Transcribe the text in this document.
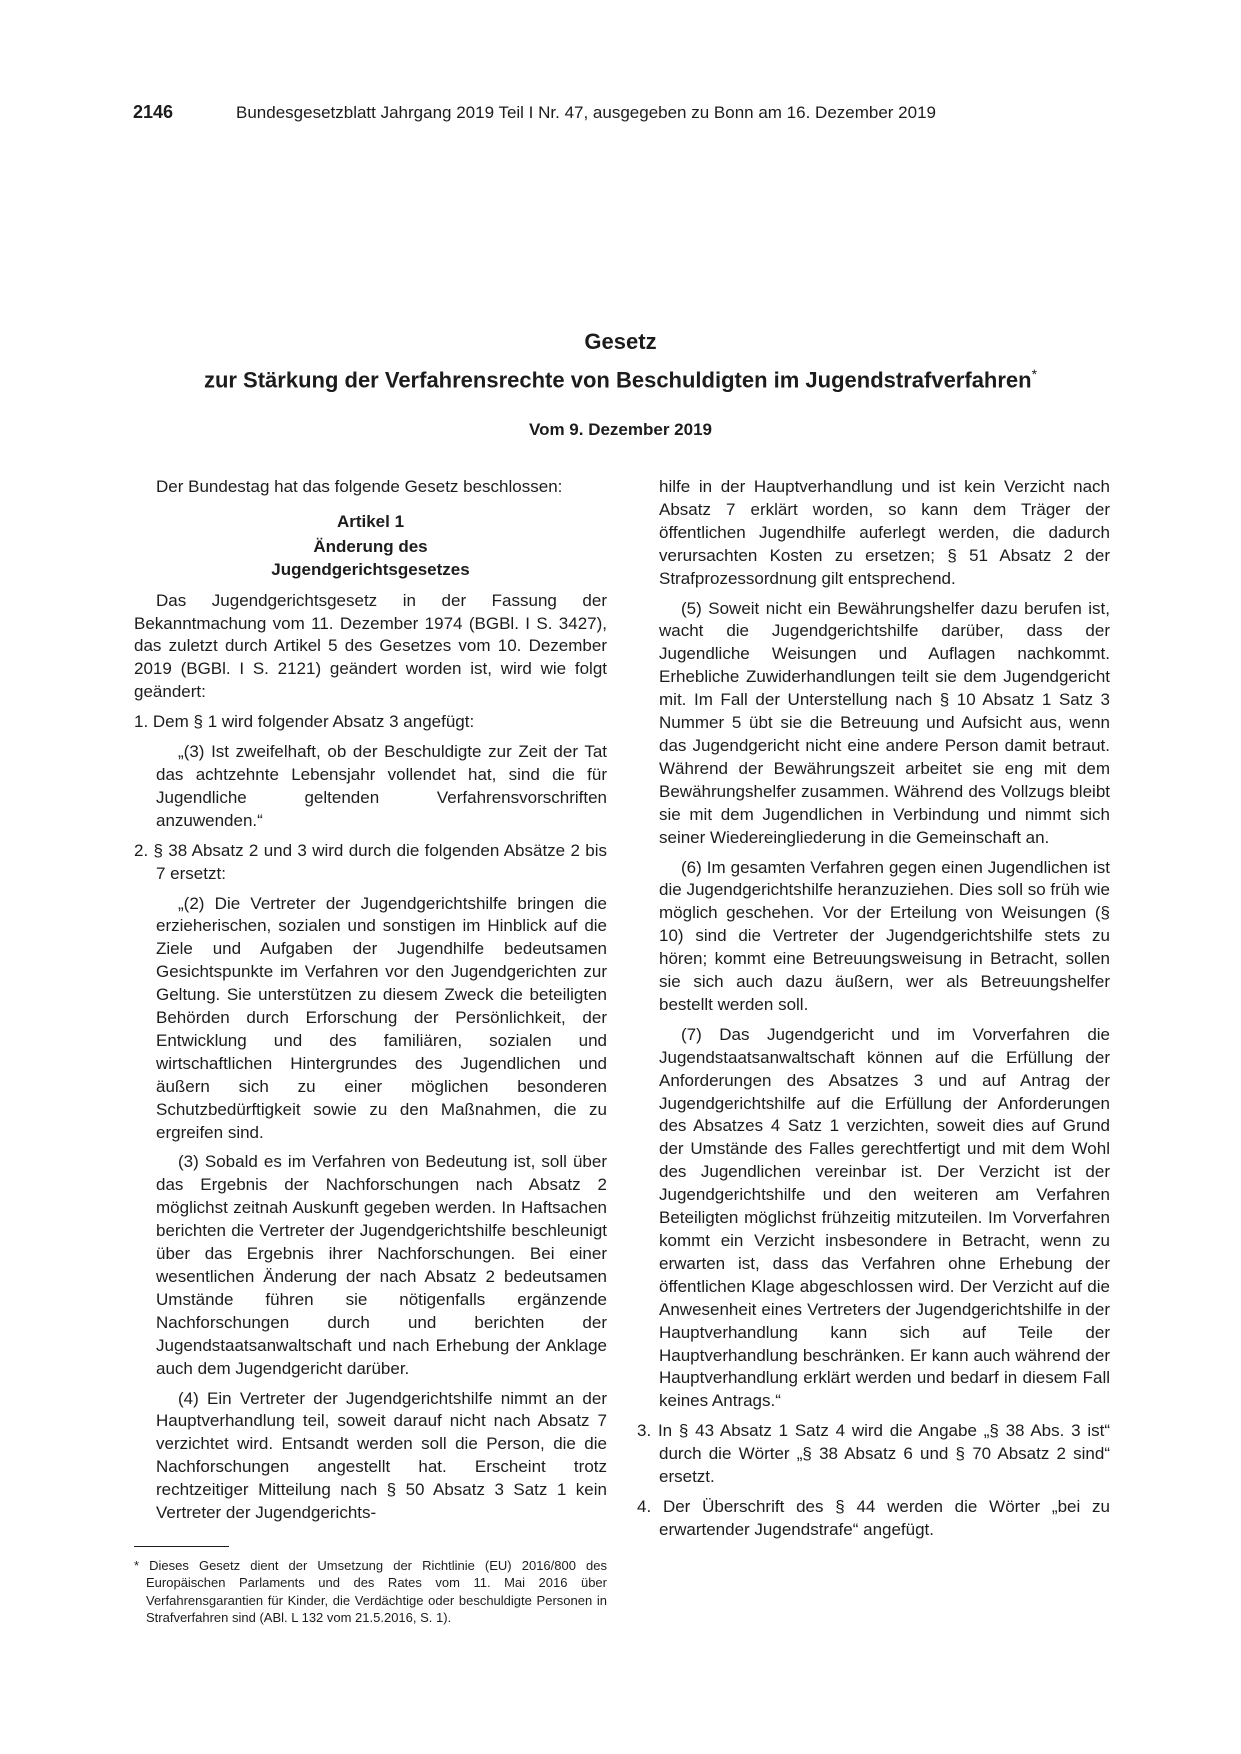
2146	Bundesgesetzblatt Jahrgang 2019 Teil I Nr. 47, ausgegeben zu Bonn am 16. Dezember 2019

Gesetz

zur Stärkung der Verfahrensrechte von Beschuldigten im Jugendstrafverfahren*

Vom 9. Dezember 2019

Der Bundestag hat das folgende Gesetz beschlossen:

Artikel 1

Änderung des Jugendgerichtsgesetzes

Das Jugendgerichtsgesetz in der Fassung der Bekanntmachung vom 11. Dezember 1974 (BGBl. I S. 3427), das zuletzt durch Artikel 5 des Gesetzes vom 10. Dezember 2019 (BGBl. I S. 2121) geändert worden ist, wird wie folgt geändert:

1. Dem § 1 wird folgender Absatz 3 angefügt:

„(3) Ist zweifelhaft, ob der Beschuldigte zur Zeit der Tat das achtzehnte Lebensjahr vollendet hat, sind die für Jugendliche geltenden Verfahrensvorschriften anzuwenden.“

2. § 38 Absatz 2 und 3 wird durch die folgenden Absätze 2 bis 7 ersetzt:

„(2) Die Vertreter der Jugendgerichtshilfe bringen die erzieherischen, sozialen und sonstigen im Hinblick auf die Ziele und Aufgaben der Jugendhilfe bedeutsamen Gesichtspunkte im Verfahren vor den Jugendgerichten zur Geltung. Sie unterstützen zu diesem Zweck die beteiligten Behörden durch Erforschung der Persönlichkeit, der Entwicklung und des familiären, sozialen und wirtschaftlichen Hintergrundes des Jugendlichen und äußern sich zu einer möglichen besonderen Schutzbedürftigkeit sowie zu den Maßnahmen, die zu ergreifen sind.

(3) Sobald es im Verfahren von Bedeutung ist, soll über das Ergebnis der Nachforschungen nach Absatz 2 möglichst zeitnah Auskunft gegeben werden. In Haftsachen berichten die Vertreter der Jugendgerichtshilfe beschleunigt über das Ergebnis ihrer Nachforschungen. Bei einer wesentlichen Änderung der nach Absatz 2 bedeutsamen Umstände führen sie nötigenfalls ergänzende Nachforschungen durch und berichten der Jugendstaatsanwaltschaft und nach Erhebung der Anklage auch dem Jugendgericht darüber.

(4) Ein Vertreter der Jugendgerichtshilfe nimmt an der Hauptverhandlung teil, soweit darauf nicht nach Absatz 7 verzichtet wird. Entsandt werden soll die Person, die die Nachforschungen angestellt hat. Erscheint trotz rechtzeitiger Mitteilung nach § 50 Absatz 3 Satz 1 kein Vertreter der Jugendgerichts-

hilfe in der Hauptverhandlung und ist kein Verzicht nach Absatz 7 erklärt worden, so kann dem Träger der öffentlichen Jugendhilfe auferlegt werden, die dadurch verursachten Kosten zu ersetzen; § 51 Absatz 2 der Strafprozessordnung gilt entsprechend.

(5) Soweit nicht ein Bewährungshelfer dazu berufen ist, wacht die Jugendgerichtshilfe darüber, dass der Jugendliche Weisungen und Auflagen nachkommt. Erhebliche Zuwiderhandlungen teilt sie dem Jugendgericht mit. Im Fall der Unterstellung nach § 10 Absatz 1 Satz 3 Nummer 5 übt sie die Betreuung und Aufsicht aus, wenn das Jugendgericht nicht eine andere Person damit betraut. Während der Bewährungszeit arbeitet sie eng mit dem Bewährungshelfer zusammen. Während des Vollzugs bleibt sie mit dem Jugendlichen in Verbindung und nimmt sich seiner Wiedereingliederung in die Gemeinschaft an.

(6) Im gesamten Verfahren gegen einen Jugendlichen ist die Jugendgerichtshilfe heranzuziehen. Dies soll so früh wie möglich geschehen. Vor der Erteilung von Weisungen (§ 10) sind die Vertreter der Jugendgerichtshilfe stets zu hören; kommt eine Betreuungsweisung in Betracht, sollen sie sich auch dazu äußern, wer als Betreuungshelfer bestellt werden soll.

(7) Das Jugendgericht und im Vorverfahren die Jugendstaatsanwaltschaft können auf die Erfüllung der Anforderungen des Absatzes 3 und auf Antrag der Jugendgerichtshilfe auf die Erfüllung der Anforderungen des Absatzes 4 Satz 1 verzichten, soweit dies auf Grund der Umstände des Falles gerechtfertigt und mit dem Wohl des Jugendlichen vereinbar ist. Der Verzicht ist der Jugendgerichtshilfe und den weiteren am Verfahren Beteiligten möglichst frühzeitig mitzuteilen. Im Vorverfahren kommt ein Verzicht insbesondere in Betracht, wenn zu erwarten ist, dass das Verfahren ohne Erhebung der öffentlichen Klage abgeschlossen wird. Der Verzicht auf die Anwesenheit eines Vertreters der Jugendgerichtshilfe in der Hauptverhandlung kann sich auf Teile der Hauptverhandlung beschränken. Er kann auch während der Hauptverhandlung erklärt werden und bedarf in diesem Fall keines Antrags.“

3. In § 43 Absatz 1 Satz 4 wird die Angabe „§ 38 Abs. 3 ist“ durch die Wörter „§ 38 Absatz 6 und § 70 Absatz 2 sind“ ersetzt.

4. Der Überschrift des § 44 werden die Wörter „bei zu erwartender Jugendstrafe“ angefügt.

* Dieses Gesetz dient der Umsetzung der Richtlinie (EU) 2016/800 des Europäischen Parlaments und des Rates vom 11. Mai 2016 über Verfahrensgarantien für Kinder, die Verdächtige oder beschuldigte Personen in Strafverfahren sind (ABl. L 132 vom 21.5.2016, S. 1).
